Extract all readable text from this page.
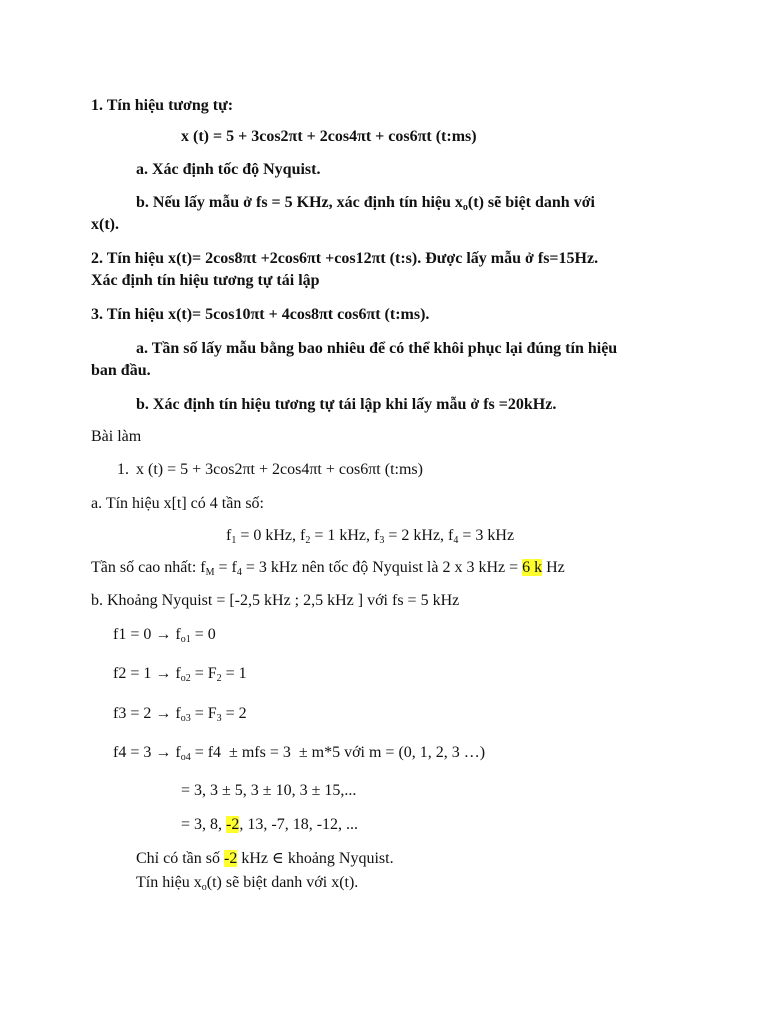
1. Tín hiệu tương tự:
x (t) = 5 + 3cos2πt + 2cos4πt + cos6πt (t:ms)
a. Xác định tốc độ Nyquist.
b. Nếu lấy mẫu ở fs = 5 KHz, xác định tín hiệu $x_o(t)$ sẽ biệt danh với
x(t).
2. Tín hiệu x(t)= 2cos8πt +2cos6πt +cos12πt (t:s). Được lấy mẫu ở fs=15Hz.
Xác định tín hiệu tương tự tái lập
3. Tín hiệu x(t)= 5cos10πt + 4cos8πt cos6πt (t:ms).
a. Tần số lấy mẫu bằng bao nhiêu để có thể khôi phục lại đúng tín hiệu
ban đầu.
b. Xác định tín hiệu tương tự tái lập khi lấy mẫu ở fs =20kHz.
Bài làm
1. x (t) = 5 + 3cos2πt + 2cos4πt + cos6πt (t:ms)
a. Tín hiệu x[t] có 4 tần số:
$f_1 = 0$ kHz, $f_2 = 1$ kHz, $f_3 = 2$ kHz, $f_4 = 3$ kHz
Tần số cao nhất: $f_M = f_4 = 3$ kHz nên tốc độ Nyquist là 2 x 3 kHz = 6 k Hz
b. Khoảng Nyquist = [-2,5 kHz ; 2,5 kHz ] với fs = 5 kHz
$f1 = 0 \to f_{o1} = 0$
$f2 = 1 \to f_{o2} = F_2 = 1$
$f3 = 2 \to f_{o3} = F_3 = 2$
$f4 = 3 \to f_{o4} = f4$  ± mfs = 3  ± m*5 với m = (0, 1, 2, 3 …)
= 3, 3 ± 5, 3 ± 10, 3 ± 15,...
= 3, 8, -2, 13, -7, 18, -12, ...
Chỉ có tần số -2 kHz ∈ khoảng Nyquist.
Tín hiệu $x_o(t)$ sẽ biệt danh với x(t).
